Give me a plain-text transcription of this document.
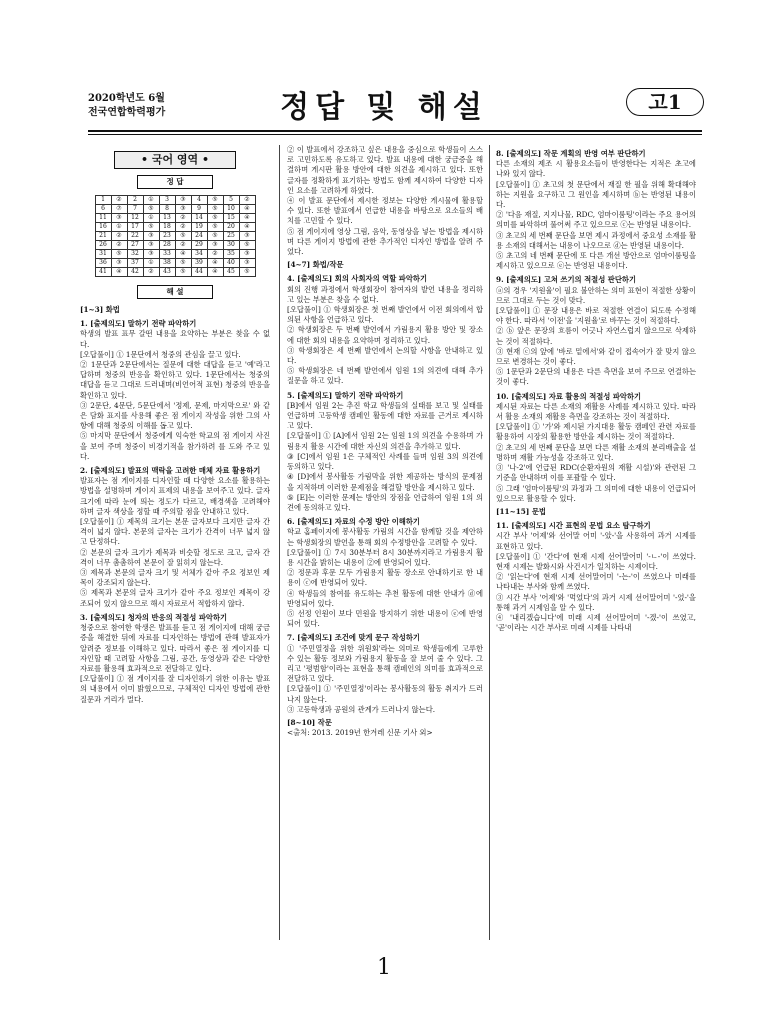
2020학년도 6월
전국연합학력평가	정답 및 해설	고1
• 국어 영역 •
정 답
1	②	2	①	3	③	4	⑤	5	②
6	⑦	7	⑤	8	③	9	⑤	10	④
11	③	12	①	13	②	14	⑤	15	④
16	①	17	⑤	18	②	19	⑤	20	④
21	②	22	③	23	⑤	24	⑤	25	③
26	②	27	③	28	②	29	③	30	⑤
31	⑤	32	③	33	④	34	②	35	③
36	③	37	①	38	⑤	39	④	40	③
41	④	42	②	43	⑤	44	④	45	⑤
해 설
[1~3] 화법
1. [출제의도] 말하기 전략 파악하기
학생의 발표 표무 갈떤 내용을 요약하는 부분은 찾을 수 없다.
[오답풀이] ① 1문단에서 청중의 관심을 끌고 있다.
② 1문단과 2문단에서는 질문에 대한 대답을 듣고 '예'라고 답하며 청중의 반응을 확인하고 있다. 1문단에서는 청중의 대답을 듣고 그대로 드러내며(비언어적 표현) 청중의 반응을 확인하고 있다.
③ 2문단, 4문단, 5문단에서 '정제, 문제, 마지막으로' 와 같은 담화 표지를 사용해 좋은 점 게이지 작성을 위한 그의 사항에 대해 청중의 이해를 돕고 있다.
⑤ 마지막 문단에서 청중에게 익숙한 학교의 점 게이지 사진을 보여 주며 청중이 비경기적을 참가하려 를 도와 주고 있다.
2. [출제의도] 발표의 맥락을 고려한 매체 자료 활용하기
발표자는 점 게이지를 디자인할 때 다양한 요소를 활용하는 방법을 설명하며 게이지 표제의 내용을 보여주고 있다. 글자 크기에 따라 눈에 띄는 정도가 다르고, 배경색을 고려해야 하며 글자 색상을 정할 때 주의할 점을 안내하고 있다.
[오답풀이] ① 제목의 크기는 본문 글자보다 크지만 글자 간격이 넓지 않다. 본문의 글자는 크기가 간격이 너무 넓지 않고 단정하다.
② 본문의 글자 크기가 제목과 비슷할 정도로 크고, 글자 간격이 너무 촘촘하여 본문이 잘 읽히지 않는다.
③ 제목과 본문의 글자 크기 및 서체가 같아 주요 정보인 제목이 강조되지 않는다.
⑤ 제목과 본문의 글자 크기가 같아 주요 정보인 제목이 강조되어 있지 않으므로 해시 자료로서 적합하지 않다.
3. [출제의도] 청자의 반응의 적절성 파악하기
청중으로 참여한 학생은 발표를 듣고 점 게이지에 대해 궁금증을 해결한 뒤에 자료를 디자인하는 방법에 관해 발표자가 알려준 정보를 이해하고 있다. 따라서 좋은 점 게이지를 디자인할 때 고려할 사항을 그림, 공간, 동영상과 같은 다양한 자료를 활용해 효과적으로 전달하고 있다.
[오답풀이] ① 점 게이지를 잘 디자인하기 위한 이유는 발표의 내용에서 이미 밝혔으므로, 구체적인 디자인 방법에 관한 질문과 거리가 멀다.
② 이 발표에서 강조하고 싶은 내용을 중심으로 학생들이 스스로 고민하도록 유도하고 있다. 발표 내용에 대한 궁금증을 해결하며 게시판 활용 방안에 대한 의견을 제시하고 있다. 또한 글자를 정확하게 표기하는 방법도 함께 제시하여 다양한 디자인 요소를 고려하게 하였다.
④ 이 발표 문단에서 제시한 정보는 다양한 게시물에 활용할 수 있다. 또한 발표에서 언급한 내용을 바탕으로 요소들의 배치를 고민할 수 있다.
⑤ 점 게이지에 영상 그림, 음악, 동영상을 넣는 방법을 제시하며 다른 게이지 방법에 관한 추가적인 디자인 방법을 알려 주었다.
[4~7] 화법/작문
4. [출제의도] 회의 사회자의 역할 파악하기
회의 진행 과정에서 학생회장이 참여자의 발언 내용을 정리하고 있는 부분은 찾을 수 없다.
[오답풀이] ① 학생회장은 첫 번째 발언에서 이전 회의에서 합의된 사항을 언급하고 있다.
② 학생회장은 두 번째 발언에서 가림용지 활용 방안 및 장소에 대한 회의 내용을 요약하며 정리하고 있다.
③ 학생회장은 세 번째 발언에서 논의할 사항을 안내하고 있다.
⑤ 학생회장은 네 번째 발언에서 임원 1의 의견에 대해 추가 질문을 하고 있다.
5. [출제의도] 말하기 전략 파악하기
[B]에서 임원 2는 추진 학교 학생들의 실태를 보고 및 실태를 언급하며 고등학생 캠페인 활동에 대한 자료를 근거로 제시하고 있다.
[오답풀이] ① [A]에서 임원 2는 임원 1의 의견을 수용하며 가림용지 활용 시간에 대한 자신의 의견을 추가하고 있다.
③ [C]에서 임원 1은 구체적인 사례를 들며 임원 3의 의견에 동의하고 있다.
④ [D]에서 봉사활동 가림막을 위한 제공하는 방식의 문제점을 지적하며 이러한 문제점을 해결할 방안을 제시하고 있다.
⑤ [E]는 이러한 문제는 방안의 장점을 언급하여 임원 1의 의견에 동의하고 있다.
6. [출제의도] 자료의 수정 방안 이해하기
학교 홈페이지에 봉사활동 가림의 시간을 함께할 것을 제안하는 학생회장의 발언을 통해 회의 수정방안을 고려할 수 있다.
[오답풀이] ① 7시 30분부터 8시 30분까지라고 가림용지 활용 시간을 밝히는 내용이 ②에 반영되어 있다.
② 정문과 후문 모두 가림용지 활동 장소로 안내하기로 한 내용이 ⓒ에 반영되어 있다.
④ 학생들의 참여를 유도하는 추천 활동에 대한 안내가 ⓓ에 반영되어 있다.
⑤ 선정 인원이 보다 민원을 방지하기 위한 내용이 ⓔ에 반영되어 있다.
7. [출제의도] 조건에 맞게 문구 작성하기
① '주민열정을 위한 위원회'라는 의미로 학생들에게 고루한 수 있는 활동 정보와 가림용지 활동을 잘 보여 줄 수 있다. 그리고 '평범함'이라는 표현을 통해 캠페인의 의미를 효과적으로 전달하고 있다.
[오답풀이] ① '주민열정'이라는 봉사활동의 활동 취지가 드러나지 않는다.
③ 고등학생과 공원의 관계가 드러나지 않는다.
[8~10] 작문
<출처: 2013. 2019년 한겨레 신문 기사 외>
8. [출제의도] 작문 계획의 반영 여부 판단하기
다른 소재의 제조 시 활용요소들이 반영한다는 지적은 초고에 나와 있지 않다.
[오답풀이] ① 초고의 첫 문단에서 재질 한 필을 위해 확대해야 하는 지원을 요구하고 그 원인을 제시하며 ⓑ는 반영된 내용이다.
② '다음 재질, 지지나물, RDC, 엄마이룸팅'이라는 주요 용어의 의미를 파악하며 풀어써 주고 있으므로 ⓒ는 반영된 내용이다.
③ 초고의 세 번째 문단을 보면 제시 과정에서 중요성 소재를 활용 소재의 대해서는 내용이 나오므로 ⓓ는 반영된 내용이다.
⑤ 초고의 네 번째 문단에 또 다른 개선 방안으로 엄마이룸팅을 제시하고 있으므로 ⓔ는 반영된 내용이다.
9. [출제의도] 고쳐 쓰기의 적절성 판단하기
ⓐ의 경우 '지원율'이 필요 불안하는 의미 표현이 적절한 상황이므로 그대로 두는 것이 맞다.
[오답풀이] ① 문장 내용은 바로 적절한 연결이 되도록 수정해야 한다. 따라서 '이전'을 '지원율'로 바꾸는 것이 적절하다.
② ⓑ 앞은 문장의 흐름이 어긋나 자연스럽지 않으므로 삭제하는 것이 적절하다.
③ 현재 ⓒ의 앞에 '바로 밑에서'와 같이 접속어가 잘 맞지 않으므로 변경하는 것이 좋다.
⑤ 1문단과 2문단의 내용은 다른 측면을 보여 주므로 연결하는 것이 좋다.
10. [출제의도] 자료 활용의 적절성 파악하기
제시된 자료는 다른 소재의 재활용 사례를 제시하고 있다. 따라서 활용 소재의 재활용 측면을 강조하는 것이 적절하다.
[오답풀이] ① '가'와 제시된 가지대용 활동 캠페인 관련 자료를 활용하여 시장의 활용한 방안을 제시하는 것이 적절하다.
② 초고의 세 번째 문단을 보면 다른 재활 소재의 분리배출을 설명하며 재활 가능성을 강조하고 있다.
③ '나-2'에 언급된 RDC(순환자원의 재활 시설)'와 관련된 그 기준을 안내하며 이를 포괄할 수 있다.
⑤ 그래 '엄마이룸팅'의 과정과 그 의미에 대한 내용이 언급되어 있으므로 활용할 수 있다.
[11~15] 문법
11. [출제의도] 시간 표현의 문법 요소 탐구하기
시간 부사 '어제'와 선어말 어미 '-았-'을 사용하여 과거 시제를 표현하고 있다.
[오답풀이] ① '간다'에 현재 시제 선어말어미 '-ㄴ-'이 쓰였다. 현재 시제는 발화시와 사건시가 일치하는 시제이다.
② '읽는다'에 현재 시제 선어말어미 '-는-'이 쓰였으나 미래를 나타내는 부사와 함께 쓰였다.
③ 시간 부사 '어제'와 '먹었다'의 과거 시제 선어말어미 '-었-'을 통해 과거 시제임을 알 수 있다.
④ '내리겠습니다'에 미래 시제 선어말어미 '-겠-'이 쓰였고, '곧'이라는 시간 부사로 미래 시제를 나타내
1
